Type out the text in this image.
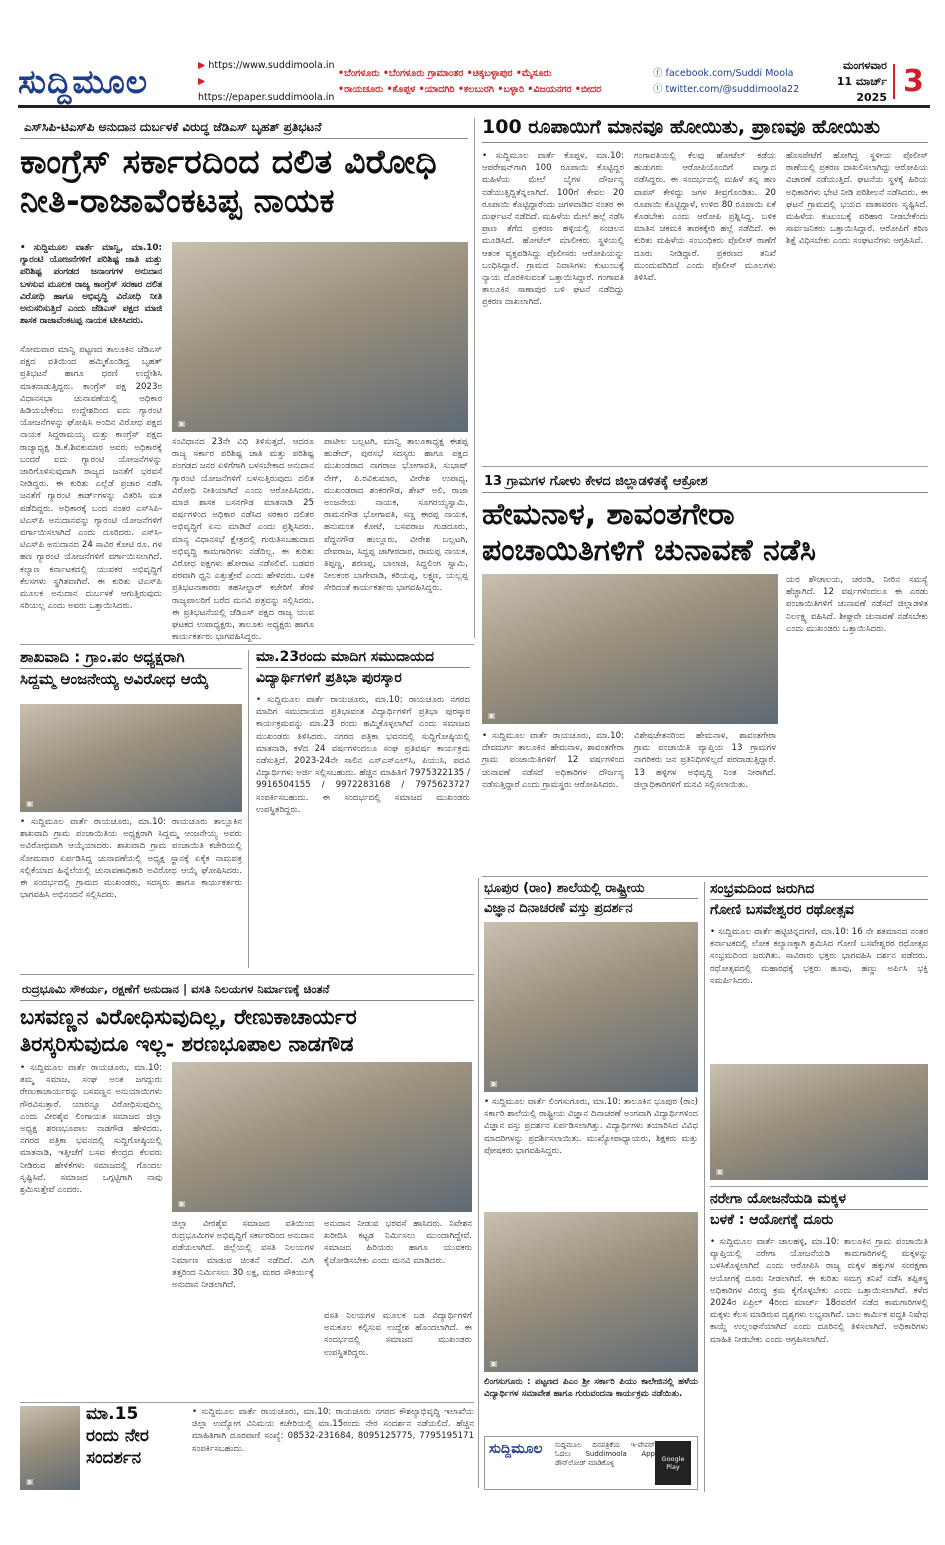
ಸುದ್ದಿಮೂಲ	▶ https://www.suddimoola.in
▶ https://epaper.suddimoola.in
•ಬೆಂಗಳೂರು •ಬೆಂಗಳೂರು ಗ್ರಾಮಾಂತರ •ಚಿಕ್ಕಬಳ್ಳಾಪುರ •ಮೈಸೂರು
•ರಾಯಚೂರು •ಕೊಪ್ಪಳ •ಯಾದಗಿರಿ •ಕಲಬುರಗಿ •ಬಳ್ಳಾರಿ •ವಿಜಯನಗರ •ಬೀದರ
ⓕ facebook.com/Suddi Moola
ⓣ twitter.com/@suddimoola22
ಮಂಗಳವಾರ
11 ಮಾರ್ಚ್ 2025 3
ಎಸ್‌ಸಿಪಿ-ಟಿಎಸ್‌ಪಿ ಅನುದಾನ ದುರ್ಬಳಕೆ ವಿರುದ್ಧ ಜೆಡಿಎಸ್ ಬೃಹತ್ ಪ್ರತಿಭಟನೆ
ಕಾಂಗ್ರೆಸ್ ಸರ್ಕಾರದಿಂದ ದಲಿತ ವಿರೋಧಿ
ನೀತಿ-ರಾಜಾವೆಂಕಟಪ್ಪ ನಾಯಕ
• ಸುದ್ದಿಮೂಲ ವಾರ್ತೆ ಮಾನ್ವಿ, ಮಾ.10: ಗ್ಯಾರಂಟಿ ಯೋಜನೆಗಳಿಗೆ ಪರಿಶಿಷ್ಟ ಜಾತಿ ಮತ್ತು ಪರಿಶಿಷ್ಟ ಪಂಗಡದ ಜನಾಂಗಗಳ ಅನುದಾನ ಬಳಸುವ ಮೂಲಕ ರಾಜ್ಯ ಕಾಂಗ್ರೆಸ್ ಸರಕಾರ ದಲಿತ ವಿರೋಧಿ ಹಾಗೂ ಅಭಿವೃದ್ಧಿ ವಿರೋಧಿ ನೀತಿ ಅನುಸರಿಸುತ್ತಿದೆ ಎಂದು ಜೆಡಿಎಸ್ ಪಕ್ಷದ ಮಾಜಿ ಶಾಸಕ ರಾಜಾವೆಂಕಟಪ್ಪ ನಾಯಕ ಟೀಕಿಸಿದರು.
ಸೋಮವಾರ ಮಾನ್ವಿ ಪಟ್ಟಣದ ತಾಲೂಕಿನ ಜೆಡಿಎಸ್ ಪಕ್ಷದ ವತಿಯಿಂದ ಹಮ್ಮಿಕೊಂಡಿದ್ದ ಬೃಹತ್ ಪ್ರತಿಭಟನೆ ಹಾಗೂ ಧರಣಿ ಉದ್ದೇಶಿಸಿ ಮಾತನಾಡುತ್ತಿದ್ದರು. ಕಾಂಗ್ರೆಸ್ ಪಕ್ಷ 2023ರ ವಿಧಾನಸಭಾ ಚುನಾವಣೆಯಲ್ಲಿ ಅಧಿಕಾರ ಹಿಡಿಯಬೇಕೆಂಬ ಉದ್ದೇಶದಿಂದ ಐದು ಗ್ಯಾರಂಟಿ ಯೋಜನೆಗಳನ್ನು ಘೋಷಿಸಿ ಅಂದಿನ ವಿರೋಧ ಪಕ್ಷದ ನಾಯಕ ಸಿದ್ದರಾಮಯ್ಯ ಮತ್ತು ಕಾಂಗ್ರೆಸ್ ಪಕ್ಷದ ರಾಜ್ಯಾಧ್ಯಕ್ಷ ಡಿ.ಕೆ.ಶಿವಕುಮಾರ ಅವರು ಅಧಿಕಾರಕ್ಕೆ ಬಂದರೆ ಐದು ಗ್ಯಾರಂಟಿ ಯೋಜನೆಗಳನ್ನು ಜಾರಿಗೊಳಿಸುವುದಾಗಿ ರಾಜ್ಯದ ಜನತೆಗೆ ಭರವಸೆ ನೀಡಿದ್ದರು. ಈ ಕುರಿತು ಎಲ್ಲೆಡೆ ಪ್ರಚಾರ ನಡೆಸಿ ಜನತೆಗೆ ಗ್ಯಾರಂಟಿ ಕಾರ್ಡ್‌ಗಳನ್ನು ವಿತರಿಸಿ ಮತ ಪಡೆದಿದ್ದರು. ಅಧಿಕಾರಕ್ಕೆ ಬಂದ ನಂತರ ಎಸ್‌ಸಿಪಿ-ಟಿಎಸ್‌ಪಿ ಅನುದಾನವನ್ನು ಗ್ಯಾರಂಟಿ ಯೋಜನೆಗಳಿಗೆ ವರ್ಗಾಯಿಸಲಾಗಿದೆ ಎಂದು ದೂರಿದರು. ಎಸ್‌ಸಿ-ಟಿಎಸ್‌ಪಿ ಅನುದಾನದ 24 ಸಾವಿರ ಕೋಟಿ ರೂ. ಗಳ ಹಣ ಗ್ಯಾರಂಟಿ ಯೋಜನೆಗಳಿಗೆ ವರ್ಗಾಯಿಸಲಾಗಿದೆ. ಕಲ್ಯಾಣ ಕರ್ನಾಟಕದಲ್ಲಿ ಯುವಕರ ಅಭಿವೃದ್ಧಿಗೆ ಕೆಲಸಗಳು ಸ್ಥಗಿತವಾಗಿವೆ. ಈ ಕುರಿತು ಟಿಎಸ್‌ಪಿ ಮೂಲಕ ಅನುದಾನ ದುರ್ಬಳಕೆ ಆಗುತ್ತಿರುವುದು ಸರಿಯಲ್ಲ ಎಂದು ಅವರು ಒತ್ತಾಯಿಸಿದರು.
▣
ಸಂವಿಧಾನದ 23ನೇ ವಿಧಿ ತಿಳಿಸುತ್ತದೆ. ಆದರೂ ರಾಜ್ಯ ಸರ್ಕಾರ ಪರಿಶಿಷ್ಟ ಜಾತಿ ಮತ್ತು ಪರಿಶಿಷ್ಟ ಪಂಗಡದ ಜನರ ಏಳಿಗೆಗಾಗಿ ಬಳಸಬೇಕಾದ ಅನುದಾನ ಗ್ಯಾರಂಟಿ ಯೋಜನೆಗಳಿಗೆ ಬಳಸುತ್ತಿರುವುದು ದಲಿತ ವಿರೋಧಿ ನೀತಿಯಾಗಿದೆ ಎಂದು ಆರೋಪಿಸಿದರು. ಮಾಜಿ ಶಾಸಕ ಬಸನಗೌಡ ಮಾತನಾಡಿ 25 ವರ್ಷಗಳಿಂದ ಅಧಿಕಾರ ನಡೆಸಿದ ಸರಕಾರ ದಲಿತರ ಅಭಿವೃದ್ಧಿಗೆ ಏನು ಮಾಡಿದೆ ಎಂದು ಪ್ರಶ್ನಿಸಿದರು. ಮಾನ್ಯ ವಿಧಾನಸಭೆ ಕ್ಷೇತ್ರದಲ್ಲಿ ಗುರುತಿಸಬಹುದಾದ ಅಭಿವೃದ್ಧಿ ಕಾಮಗಾರಿಗಳು ನಡೆದಿಲ್ಲ. ಈ ಕುರಿತು ವಿರೋಧ ಪಕ್ಷಗಳು ಹೋರಾಟ ನಡೆಸಲಿವೆ. ಬಡವರ ಪರವಾಗಿ ಧ್ವನಿ ಎತ್ತುತ್ತೇವೆ ಎಂದು ಹೇಳಿದರು. ಬಳಿಕ ಪ್ರತಿಭಟನಾಕಾರರು ತಹಸೀಲ್ದಾರ್ ಕಚೇರಿಗೆ ತೆರಳಿ ರಾಜ್ಯಪಾಲರಿಗೆ ಬರೆದ ಮನವಿ ಪತ್ರವನ್ನು ಸಲ್ಲಿಸಿದರು. ಈ ಪ್ರತಿಭಟನೆಯಲ್ಲಿ ಜೆಡಿಎಸ್ ಪಕ್ಷದ ರಾಜ್ಯ ಯುವ ಘಟಕದ ಉಪಾಧ್ಯಕ್ಷರು, ತಾಲೂಕು ಅಧ್ಯಕ್ಷರು ಹಾಗೂ ಕಾರ್ಯಕರ್ತರು ಭಾಗವಹಿಸಿದ್ದರು.
ಪಾಟೀಲ ಬಲ್ಲಟಗಿ, ಮಾನ್ವಿ ತಾಲೂಕಾಧ್ಯಕ್ಷ ಈಶಪ್ಪ ಹುಡೇದ್, ಪುರಸಭೆ ಸದಸ್ಯರು ಹಾಗೂ ಪಕ್ಷದ ಮುಖಂಡರಾದ ನಾಗರಾಜ ಭೋಗಾವತಿ, ಸುಭಾಷ್ ನೇಗ್, ಪಿ.ರವಿಕುಮಾರ, ವೀರೇಶ ಉಪಾಧ್ಯ, ಮುಖಂಡರಾದ ಶಂಕರಗೌಡ, ಶೇಖ್ ಅಲಿ, ರಾಜಾ ಅಂಜನೇಯ ನಾಯಕ, ಸೂಗರಯ್ಯಸ್ವಾಮಿ, ರಾಮನಗೌಡ ಭೋಗಾವತಿ, ಸಣ್ಣ ಈರಪ್ಪ ನಾಯಕ, ಹನುಮಂತ ಕೋಟೆ, ಬಸವರಾಜ ಗುಡದೂರು, ಪೆದ್ದನಗೌಡ ಹುಲ್ಲೂರು, ವೀರೇಶ ಬಲ್ಲಟಗಿ, ದೇವರಾಜ, ಸಿದ್ದಪ್ಪ ಜಾಗೀರದಾರ, ರಾಮಪ್ಪ ನಾಯಕ, ತಿಪ್ಪಣ್ಣ, ಶರಣಪ್ಪ, ಬಾಲಾಜಿ, ಸಿದ್ದಲಿಂಗ ಸ್ವಾಮಿ, ನೀಲಕಂಠ ಬಾಗೇವಾಡಿ, ಕರಿಯಪ್ಪ, ಲಕ್ಷ್ಮಣ, ಯಲ್ಲಪ್ಪ ಸೇರಿದಂತೆ ಕಾರ್ಯಕರ್ತರು ಭಾಗವಹಿಸಿದ್ದರು.
100 ರೂಪಾಯಿಗೆ ಮಾನವೂ ಹೋಯಿತು, ಪ್ರಾಣವೂ ಹೋಯಿತು
• ಸುದ್ದಿಮೂಲ ವಾರ್ತೆ ಕೊಪ್ಪಳ, ಮಾ.10: ಆಪರೇಷನ್‌ಗಾಗಿ 100 ರೂಪಾಯಿ ಕೊಟ್ಟಿದ್ದರ ಮಹಿಳೆಯ ಮೇಲೆ ಬೈಗಳ ದೌರ್ಜನ್ಯ ನಡೆಯುತ್ತಿದ್ದಿತೆನ್ನಲಾಗಿದೆ. 100ಗೆ ಕೇವಲ 20 ರೂಪಾಯಿ ಕೊಟ್ಟಿದ್ದಾರೆಂದು ಜಗಳವಾಡಿದ ನಂತರ ಈ ದುರ್ಘಟನೆ ನಡೆದಿದೆ. ಮಹಿಳೆಯ ಮೇಲೆ ಹಲ್ಲೆ ನಡೆಸಿ ಪ್ರಾಣ ತೆಗೆದ ಪ್ರಕರಣ ಹಳ್ಳಿಯಲ್ಲಿ ಸಂಚಲನ ಮೂಡಿಸಿದೆ. ಹೋಟೆಲ್ ಮಾಲೀಕರು ಸ್ಥಳಿಯಲ್ಲಿ ಆತಂಕ ವ್ಯಕ್ತಪಡಿಸಿದ್ದು ಪೊಲೀಸರು ಆರೋಪಿಯನ್ನು ಬಂಧಿಸಿದ್ದಾರೆ. ಗ್ರಾಮದ ನಿವಾಸಿಗಳು ಕುಟುಂಬಕ್ಕೆ ನ್ಯಾಯ ದೊರಕಿಸುವಂತೆ ಒತ್ತಾಯಿಸಿದ್ದಾರೆ. ಗಂಗಾವತಿ ತಾಲೂಕಿನ ಸಾಣಾಪುರ ಬಳಿ ಘಟನೆ ನಡೆದಿದ್ದು ಪ್ರಕರಣ ದಾಖಲಾಗಿದೆ.
ಗಂಗಾವತಿಯಲ್ಲಿ ಕೆಲವು ಹೋಟೆಲ್ ಕಡೆಯ ಹುಡುಗರು ಆರೋಪಿಯೊಂದಿಗೆ ವಾಗ್ವಾದ ನಡೆಸಿದ್ದರು. ಈ ಸಂದರ್ಭದಲ್ಲಿ ಮಹಿಳೆ ತನ್ನ ಹಣ ವಾಪಸ್ ಕೇಳಿದ್ದು ಜಗಳ ತೀವ್ರಗೊಂಡಿತು. 20 ರೂಪಾಯಿ ಕೊಟ್ಟಿದ್ದಾಳೆ, ಉಳಿದ 80 ರೂಪಾಯಿ ಏಕೆ ಕೊಡಬೇಕು ಎಂದು ಆರೋಪಿ ಪ್ರಶ್ನಿಸಿದ್ದ. ಬಳಿಕ ಮಾತಿನ ಚಕಮಕಿ ತಾರಕಕ್ಕೇರಿ ಹಲ್ಲೆ ನಡೆದಿದೆ. ಈ ಕುರಿತು ಮಹಿಳೆಯ ಸಂಬಂಧಿಕರು ಪೊಲೀಸ್ ಠಾಣೆಗೆ ದೂರು ನೀಡಿದ್ದಾರೆ. ಪ್ರಕರಣದ ತನಿಖೆ ಮುಂದುವರಿದಿದೆ ಎಂದು ಪೊಲೀಸ್ ಮೂಲಗಳು ತಿಳಿಸಿವೆ.
ಹೊಸಪೇಟೆಗೆ ಹೋಗಿದ್ದ ಸ್ಥಳೀಯ ಪೊಲೀಸ್ ಠಾಣೆಯಲ್ಲಿ ಪ್ರಕರಣ ದಾಖಲಿಸಲಾಗಿದ್ದು ಆರೋಪಿಯ ವಿಚಾರಣೆ ನಡೆಯುತ್ತಿದೆ. ಘಟನೆಯ ಸ್ಥಳಕ್ಕೆ ಹಿರಿಯ ಅಧಿಕಾರಿಗಳು ಭೇಟಿ ನೀಡಿ ಪರಿಶೀಲನೆ ನಡೆಸಿದರು. ಈ ಘಟನೆ ಗ್ರಾಮದಲ್ಲಿ ಭಯದ ವಾತಾವರಣ ಸೃಷ್ಟಿಸಿದೆ. ಮಹಿಳೆಯ ಕುಟುಂಬಕ್ಕೆ ಪರಿಹಾರ ನೀಡಬೇಕೆಂದು ಸಾರ್ವಜನಿಕರು ಒತ್ತಾಯಿಸಿದ್ದಾರೆ. ಆರೋಪಿಗೆ ಕಠಿಣ ಶಿಕ್ಷೆ ವಿಧಿಸಬೇಕು ಎಂದು ಸಂಘಟನೆಗಳು ಆಗ್ರಹಿಸಿವೆ.
13 ಗ್ರಾಮಗಳ ಗೋಳು ಕೇಳದ ಜಿಲ್ಲಾಡಳಿತಕ್ಕೆ ಆಕ್ರೋಶ
ಹೇಮನಾಳ, ಶಾವಂತಗೇರಾ
ಪಂಚಾಯಿತಿಗಳಿಗೆ ಚುನಾವಣೆ ನಡೆಸಿ
▣
ಯರ ಶೌಚಾಲಯ, ಚರಂಡಿ, ನೀರಿನ ಸಮಸ್ಯೆ ಹೆಚ್ಚಾಗಿದೆ. 12 ವರ್ಷಗಳಿಂದಲೂ ಈ ಎರಡು ಪಂಚಾಯಿತಿಗಳಿಗೆ ಚುನಾವಣೆ ನಡೆಸದೆ ಜಿಲ್ಲಾಡಳಿತ ನಿರ್ಲಕ್ಷ್ಯ ವಹಿಸಿದೆ. ಶೀಘ್ರವೇ ಚುನಾವಣೆ ನಡೆಸಬೇಕು ಎಂದು ಮುಖಂಡರು ಒತ್ತಾಯಿಸಿದರು.
• ಸುದ್ದಿಮೂಲ ವಾರ್ತೆ ರಾಯಚೂರು, ಮಾ.10: ದೇವದುರ್ಗ ತಾಲೂಕಿನ ಹೇಮನಾಳ, ಶಾವಂತಗೇರಾ ಗ್ರಾಮ ಪಂಚಾಯಿತಿಗಳಿಗೆ 12 ವರ್ಷಗಳಿಂದ ಚುನಾವಣೆ ನಡೆಸದೆ ಅಧಿಕಾರಿಗಳ ದೌರ್ಜನ್ಯ ನಡೆಸುತ್ತಿದ್ದಾರೆ ಎಂದು ಗ್ರಾಮಸ್ಥರು ಆರೋಪಿಸಿದರು.
ವಿಶೇಷಚೇತನರಿಂದ ಹೇಮನಾಳ, ಶಾವಂತಗೇರಾ ಗ್ರಾಮ ಪಂಚಾಯಿತಿ ವ್ಯಾಪ್ತಿಯ 13 ಗ್ರಾಮಗಳ ನಾಗರಿಕರು ಜನ ಪ್ರತಿನಿಧಿಗಳಿಲ್ಲದೆ ಪರದಾಡುತ್ತಿದ್ದಾರೆ. 13 ಹಳ್ಳಿಗಳ ಅಭಿವೃದ್ಧಿ ನಿಂತ ನೀರಾಗಿದೆ. ಜಿಲ್ಲಾಧಿಕಾರಿಗಳಿಗೆ ಮನವಿ ಸಲ್ಲಿಸಲಾಯಿತು.
ಶಾಖವಾದಿ : ಗ್ರಾಂ.ಪಂ ಅಧ್ಯಕ್ಷರಾಗಿ
ಸಿದ್ದಮ್ಮ ಆಂಜನೇಯ್ಯ ಅವಿರೋಧ ಆಯ್ಕೆ
▣
• ಸುದ್ದಿಮೂಲ ವಾರ್ತೆ ರಾಯಚೂರು, ಮಾ.10: ರಾಯಚೂರು ತಾಲ್ಲೂಕಿನ ಶಾಖವಾದಿ ಗ್ರಾಮ ಪಂಚಾಯಿತಿಯ ಅಧ್ಯಕ್ಷರಾಗಿ ಸಿದ್ದಮ್ಮ ಆಂಜನೇಯ್ಯ ಅವರು ಅವಿರೋಧವಾಗಿ ಆಯ್ಕೆಯಾದರು. ಶಾಖವಾದಿ ಗ್ರಾಮ ಪಂಚಾಯಿತಿ ಕಚೇರಿಯಲ್ಲಿ ಸೋಮವಾರ ಏರ್ಪಡಿಸಿದ್ದ ಚುನಾವಣೆಯಲ್ಲಿ ಅಧ್ಯಕ್ಷ ಸ್ಥಾನಕ್ಕೆ ಏಕೈಕ ನಾಮಪತ್ರ ಸಲ್ಲಿಕೆಯಾದ ಹಿನ್ನೆಲೆಯಲ್ಲಿ ಚುನಾವಣಾಧಿಕಾರಿ ಅವಿರೋಧ ಆಯ್ಕೆ ಘೋಷಿಸಿದರು. ಈ ಸಂದರ್ಭದಲ್ಲಿ ಗ್ರಾಮದ ಮುಖಂಡರು, ಸದಸ್ಯರು ಹಾಗೂ ಕಾರ್ಯಕರ್ತರು ಭಾಗವಹಿಸಿ ಅಭಿನಂದನೆ ಸಲ್ಲಿಸಿದರು.
ಮಾ.23ರಂದು ಮಾದಿಗ ಸಮುದಾಯದ
ವಿದ್ಯಾರ್ಥಿಗಳಿಗೆ ಪ್ರತಿಭಾ ಪುರಸ್ಕಾರ
• ಸುದ್ದಿಮೂಲ ವಾರ್ತೆ ರಾಯಚೂರು, ಮಾ.10: ರಾಯಚೂರು ನಗರದ ಮಾದಿಗ ಸಮುದಾಯದ ಪ್ರತಿಭಾವಂತ ವಿದ್ಯಾರ್ಥಿಗಳಿಗೆ ಪ್ರತಿಭಾ ಪುರಸ್ಕಾರ ಕಾರ್ಯಕ್ರಮವನ್ನು ಮಾ.23 ರಂದು ಹಮ್ಮಿಕೊಳ್ಳಲಾಗಿದೆ ಎಂದು ಸಮಾಜದ ಮುಖಂಡರು ತಿಳಿಸಿದರು. ನಗರದ ಪತ್ರಿಕಾ ಭವನದಲ್ಲಿ ಸುದ್ದಿಗೋಷ್ಠಿಯಲ್ಲಿ ಮಾತನಾಡಿ, ಕಳೆದ 24 ವರ್ಷಗಳಿಂದಲೂ ಸಂಘ ಪ್ರತಿವರ್ಷ ಕಾರ್ಯಕ್ರಮ ನಡೆಸುತ್ತಿದೆ. 2023-24ನೇ ಸಾಲಿನ ಎಸ್‌ಎಸ್‌ಎಲ್‌ಸಿ, ಪಿಯುಸಿ, ಪದವಿ ವಿದ್ಯಾರ್ಥಿಗಳು ಅರ್ಜಿ ಸಲ್ಲಿಸಬಹುದು. ಹೆಚ್ಚಿನ ಮಾಹಿತಿಗೆ 7975322135 / 9916504155 / 9972283168 / 7975623727 ಸಂಪರ್ಕಿಸಬಹುದು. ಈ ಸಂದರ್ಭದಲ್ಲಿ ಸಮಾಜದ ಮುಖಂಡರು ಉಪಸ್ಥಿತರಿದ್ದರು.
ರುದ್ರಭೂಮಿ ಸೌಕರ್ಯ, ರಕ್ಷಣೆಗೆ ಅನುದಾನ | ವಸತಿ ನಿಲಯಗಳ ನಿರ್ಮಾಣಕ್ಕೆ ಚಿಂತನೆ
ಬಸವಣ್ಣನ ವಿರೋಧಿಸುವುದಿಲ್ಲ, ರೇಣುಕಾಚಾರ್ಯರ
ತಿರಸ್ಕರಿಸುವುದೂ ಇಲ್ಲ- ಶರಣಭೂಪಾಲ ನಾಡಗೌಡ
• ಸುದ್ದಿಮೂಲ ವಾರ್ತೆ ರಾಯಚೂರು, ಮಾ.10: ತಮ್ಮ ಸಮಾಜ, ಸಂಘ ಅಂತ ಜಗದ್ಗುರು ರೇಣುಕಾಚಾರ್ಯರನ್ನು ಬಸವಣ್ಣನ ಅನುಯಾಯಿಗಳು ಗೌರವಿಸುತ್ತಾರೆ. ಯಾರನ್ನೂ ವಿರೋಧಿಸುವುದಿಲ್ಲ ಎಂದು ವೀರಶೈವ ಲಿಂಗಾಯತ ಸಮಾಜದ ಜಿಲ್ಲಾ ಅಧ್ಯಕ್ಷ ಶರಣಭೂಪಾಲ ನಾಡಗೌಡ ಹೇಳಿದರು. ನಗರದ ಪತ್ರಿಕಾ ಭವನದಲ್ಲಿ ಸುದ್ದಿಗೋಷ್ಠಿಯಲ್ಲಿ ಮಾತನಾಡಿ, ಇತ್ತೀಚೆಗೆ ಬಸವ ಕೇಂದ್ರದ ಕೆಲವರು ನೀಡಿರುವ ಹೇಳಿಕೆಗಳು ಸಮಾಜದಲ್ಲಿ ಗೊಂದಲ ಸೃಷ್ಟಿಸಿವೆ. ಸಮಾಜದ ಒಗ್ಗಟ್ಟಿಗಾಗಿ ನಾವು ಶ್ರಮಿಸುತ್ತೇವೆ ಎಂದರು.
▣
ಜಿಲ್ಲಾ ವೀರಶೈವ ಸಮಾಜದ ವತಿಯಿಂದ ರುದ್ರಭೂಮಿಗಳ ಅಭಿವೃದ್ಧಿಗೆ ಸರ್ಕಾರದಿಂದ ಅನುದಾನ ಪಡೆಯಲಾಗಿದೆ. ಜಿಲ್ಲೆಯಲ್ಲಿ ವಸತಿ ನಿಲಯಗಳ ನಿರ್ಮಾಣ ಮಾಡುವ ಚಿಂತನೆ ನಡೆದಿದೆ. ಮಿಗಿ ತತ್ತರಿಂದ ನಿರ್ಮಿಸಲು 30 ಲಕ್ಷ, ಮಠದ ಸೌಕರ್ಯಕ್ಕೆ ಅನುದಾನ ನೀಡಲಾಗಿದೆ.
ಅನುದಾನ ನೀಡುವ ಭರವಸೆ ಹಾಸಿದರು. ನಿವೇಶನ ಖರೀದಿಸಿ ಕಟ್ಟಡ ನಿರ್ಮಿಸಲು ಮುಂದಾಗಿದ್ದೇವೆ. ಸಮಾಜದ ಹಿರಿಯರು ಹಾಗೂ ಯುವಕರು ಕೈಜೋಡಿಸಬೇಕು ಎಂದು ಮನವಿ ಮಾಡಿದರು.
ವಸತಿ ನಿಲಯಗಳ ಮೂಲಕ ಬಡ ವಿದ್ಯಾರ್ಥಿಗಳಿಗೆ ಅನುಕೂಲ ಕಲ್ಪಿಸುವ ಉದ್ದೇಶ ಹೊಂದಲಾಗಿದೆ. ಈ ಸಂದರ್ಭದಲ್ಲಿ ಸಮಾಜದ ಮುಖಂಡರು ಉಪಸ್ಥಿತರಿದ್ದರು.
ಭೂಪುರ (ರಾಂ) ಶಾಲೆಯಲ್ಲಿ ರಾಷ್ಟ್ರೀಯ
ವಿಜ್ಞಾನ ದಿನಾಚರಣೆ ವಸ್ತು ಪ್ರದರ್ಶನ
▣
• ಸುದ್ದಿಮೂಲ ವಾರ್ತೆ ಲಿಂಗಸುಗೂರು, ಮಾ.10: ತಾಲೂಕಿನ ಭೂಪುರ (ರಾಂ) ಸರ್ಕಾರಿ ಶಾಲೆಯಲ್ಲಿ ರಾಷ್ಟ್ರೀಯ ವಿಜ್ಞಾನ ದಿನಾಚರಣೆ ಅಂಗವಾಗಿ ವಿದ್ಯಾರ್ಥಿಗಳಿಂದ ವಿಜ್ಞಾನ ವಸ್ತು ಪ್ರದರ್ಶನ ಏರ್ಪಡಿಸಲಾಗಿತ್ತು. ವಿದ್ಯಾರ್ಥಿಗಳು ತಯಾರಿಸಿದ ವಿವಿಧ ಮಾದರಿಗಳನ್ನು ಪ್ರದರ್ಶಿಸಲಾಯಿತು. ಮುಖ್ಯೋಪಾಧ್ಯಾಯರು, ಶಿಕ್ಷಕರು ಮತ್ತು ಪೋಷಕರು ಭಾಗವಹಿಸಿದ್ದರು.
▣
ಲಿಂಗಸುಗೂರು : ಪಟ್ಟಣದ ಪಿಎಂ ಶ್ರೀ ಸರ್ಕಾರಿ ಪಿಯು ಕಾಲೇಜಿನಲ್ಲಿ ಹಳೆಯ ವಿದ್ಯಾರ್ಥಿಗಳ ಸಮಾವೇಶ ಹಾಗೂ ಗುರುವಂದನಾ ಕಾರ್ಯಕ್ರಮ ನಡೆಯಿತು.
ಸಂಭ್ರಮದಿಂದ ಜರುಗಿದ
ಗೋಣಿ ಬಸವೇಶ್ವರರ ರಥೋತ್ಸವ
• ಸುದ್ದಿಮೂಲ ವಾರ್ತೆ ಹಟ್ಟಿಚಿನ್ನದಗಣಿ, ಮಾ.10: 16 ನೇ ಶತಮಾನದ ನಂತರ ಕರ್ನಾಟಕದಲ್ಲಿ ಲೋಕ ಕಲ್ಯಾಣಕ್ಕಾಗಿ ಶ್ರಮಿಸಿದ ಗೋಣಿ ಬಸವೇಶ್ವರರ ರಥೋತ್ಸವ ಸಂಭ್ರಮದಿಂದ ಜರುಗಿತು. ಸಾವಿರಾರು ಭಕ್ತರು ಭಾಗವಹಿಸಿ ದರ್ಶನ ಪಡೆದರು. ರಥೋತ್ಸವದಲ್ಲಿ ಮಹಾರಥಕ್ಕೆ ಭಕ್ತರು ಹೂವು, ಹಣ್ಣು ಅರ್ಪಿಸಿ ಭಕ್ತಿ ಸಮರ್ಪಿಸಿದರು.
▣
ನರೇಗಾ ಯೋಜನೆಯಡಿ ಮಕ್ಕಳ
ಬಳಕೆ : ಆಯೋಗಕ್ಕೆ ದೂರು
• ಸುದ್ದಿಮೂಲ ವಾರ್ತೆ ಜಾಲಹಳ್ಳಿ, ಮಾ.10: ತಾಲೂಕಿನ ಗ್ರಾಮ ಪಂಚಾಯಿತಿ ವ್ಯಾಪ್ತಿಯಲ್ಲಿ ನರೇಗಾ ಯೋಜನೆಯಡಿ ಕಾಮಗಾರಿಗಳಲ್ಲಿ ಮಕ್ಕಳನ್ನು ಬಳಸಿಕೊಳ್ಳಲಾಗಿದೆ ಎಂದು ಆರೋಪಿಸಿ ರಾಜ್ಯ ಮಕ್ಕಳ ಹಕ್ಕುಗಳ ಸಂರಕ್ಷಣಾ ಆಯೋಗಕ್ಕೆ ದೂರು ನೀಡಲಾಗಿದೆ. ಈ ಕುರಿತು ಸಮಗ್ರ ತನಿಖೆ ನಡೆಸಿ ತಪ್ಪಿತಸ್ಥ ಅಧಿಕಾರಿಗಳ ವಿರುದ್ಧ ಕ್ರಮ ಕೈಗೊಳ್ಳಬೇಕು ಎಂದು ಒತ್ತಾಯಿಸಲಾಗಿದೆ. ಕಳೆದ 2024ರ ಏಪ್ರಿಲ್ 4ರಿಂದ ಮಾರ್ಚ್ 18ರವರೆಗೆ ನಡೆದ ಕಾಮಗಾರಿಗಳಲ್ಲಿ ಮಕ್ಕಳು ಕೆಲಸ ಮಾಡಿರುವ ದೃಶ್ಯಗಳು ಲಭ್ಯವಾಗಿವೆ. ಬಾಲ ಕಾರ್ಮಿಕ ಪದ್ಧತಿ ನಿಷೇಧ ಕಾಯ್ದೆ ಉಲ್ಲಂಘನೆಯಾಗಿದೆ ಎಂದು ದೂರಿನಲ್ಲಿ ತಿಳಿಸಲಾಗಿದೆ. ಅಧಿಕಾರಿಗಳು ಮಾಹಿತಿ ನೀಡಬೇಕು ಎಂದು ಆಗ್ರಹಿಸಲಾಗಿದೆ.
▣
ಮಾ.15
ರಂದು ನೇರ
ಸಂದರ್ಶನ
• ಸುದ್ದಿಮೂಲ ವಾರ್ತೆ ರಾಯಚೂರು, ಮಾ.10: ರಾಯಚೂರು ನಗರದ ಕೌಶಲ್ಯಾಭಿವೃದ್ಧಿ ಇಲಾಖೆಯ ಜಿಲ್ಲಾ ಉದ್ಯೋಗ ವಿನಿಮಯ ಕಚೇರಿಯಲ್ಲಿ ಮಾ.15ರಂದು ನೇರ ಸಂದರ್ಶನ ನಡೆಯಲಿದೆ. ಹೆಚ್ಚಿನ ಮಾಹಿತಿಗಾಗಿ ದೂರವಾಣಿ ಸಂಖ್ಯೆ: 08532-231684, 8095125775, 7795195171 ಸಂಪರ್ಕಿಸಬಹುದು.	ಸುದ್ದಿಮೂಲ	ಸುದ್ದಿಮೂಲ ದಿನಪತ್ರಿಕೆಯ ಇ-ಪೇಪರ್ ಓದಲು Suddimoola App ಡೌನ್‌ಲೋಡ್ ಮಾಡಿಕೊಳ್ಳಿ	Google Play
